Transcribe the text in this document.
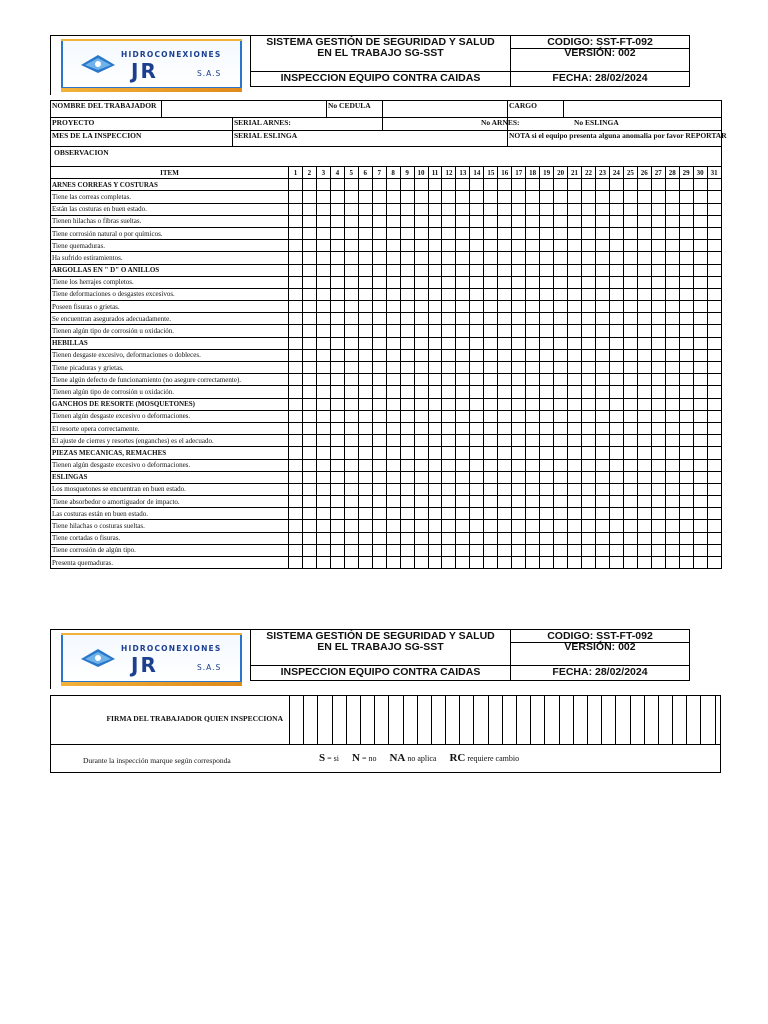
HIDROCONEXIONES
JR	S.A.S
SISTEMA GESTIÓN DE SEGURIDAD Y SALUD
EN EL TRABAJO SG-SST
INSPECCION EQUIPO CONTRA CAIDAS
CODIGO: SST-FT-092
VERSIÓN: 002
FECHA: 28/02/2024
NOMBRE DEL TRABAJADOR			No CEDULA		CARGO	
PROYECTO		SERIAL ARNES:		No ARNES:	No ESLINGA	
MES DE LA INSPECCION		SERIAL ESLINGA			NOTA si el equipo presenta alguna anomalia por favor REPORTAR	
OBSERVACION						
ITEM	1	2	3	4	5	6	7	8	9	10	11	12	13	14	15	16	17	18	19	20	21	22	23	24	25	26	27	28	29	30	31
ARNES CORREAS Y COSTURAS																															
Tiene las correas completas.																															
Están las costuras en buen estado.																															
Tienen hilachas o fibras sueltas.																															
Tiene corrosión natural o por químicos.																															
Tiene quemaduras.																															
Ha sufrido estiramientos.																															
ARGOLLAS EN " D" O ANILLOS																															
Tiene los herrajes completos.																															
Tiene deformaciones o desgastes excesivos.																															
Poseen fisuras o grietas.																															
Se encuentran asegurados adecuadamente.																															
Tienen algún tipo de corrosión u oxidación.																															
HEBILLAS																															
Tienen desgaste excesivo, deformaciones o dobleces.																															
Tiene picaduras y grietas.																															
Tiene algún defecto de funcionamiento (no asegure correctamente).																															
Tienen algún tipo de corrosión u oxidación.																															
GANCHOS DE RESORTE (MOSQUETONES)																															
Tienen algún desgaste excesivo o deformaciones.																															
El resorte opera correctamente.																															
El ajuste de cierres y resortes (enganches) es el adecuado.																															
PIEZAS MECANICAS, REMACHES																															
Tienen algún desgaste excesivo o deformaciones.																															
ESLINGAS																															
Los mosquetones se encuentran en buen estado.																															
Tiene absorbedor o amortiguador de impacto.																															
Las costuras están en buen estado.																															
Tiene hilachas o costuras sueltas.																															
Tiene cortadas o fisuras.																															
Tiene corrosión de algún tipo.																															
Presenta quemaduras.																															
HIDROCONEXIONES
JR	S.A.S
SISTEMA GESTIÓN DE SEGURIDAD Y SALUD
EN EL TRABAJO SG-SST
INSPECCION EQUIPO CONTRA CAIDAS
CODIGO: SST-FT-092
VERSIÓN: 002
FECHA: 28/02/2024
FIRMA DEL TRABAJADOR QUIEN INSPECCIONA
Durante la inspección marque según corresponda	S = si N = no NA no aplica RC requiere cambio
